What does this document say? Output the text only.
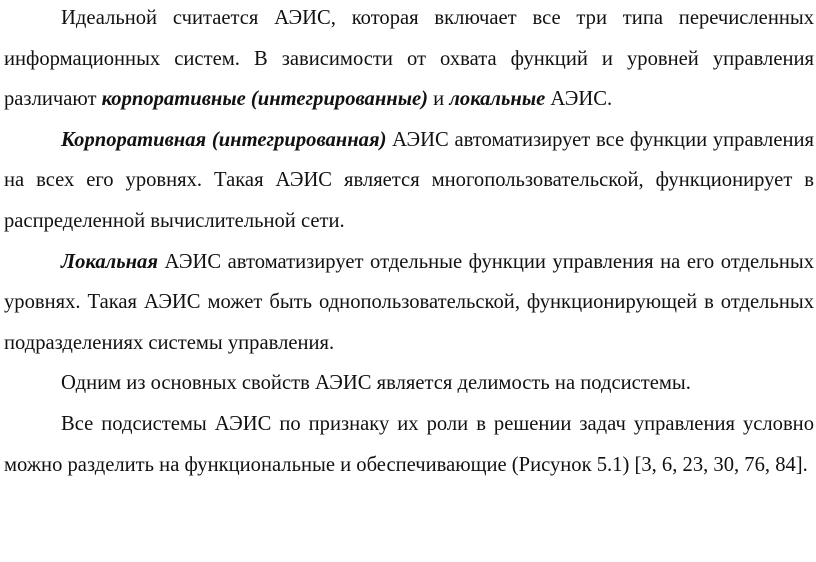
Идеальной считается АЭИС, которая включает все три типа перечисленных информационных систем. В зависимости от охвата функций и уровней управления различают корпоративные (интегрированные) и локальные АЭИС.

Корпоративная (интегрированная) АЭИС автоматизирует все функции управления на всех его уровнях. Такая АЭИС является многопользовательской, функционирует в распределенной вычислительной сети.

Локальная АЭИС автоматизирует отдельные функции управления на его отдельных уровнях. Такая АЭИС может быть однопользовательской, функционирующей в отдельных подразделениях системы управления.

Одним из основных свойств АЭИС является делимость на подсистемы.

Все подсистемы АЭИС по признаку их роли в решении задач управления условно можно разделить на функциональные и обеспечивающие (Рисунок 5.1) [3, 6, 23, 30, 76, 84].
